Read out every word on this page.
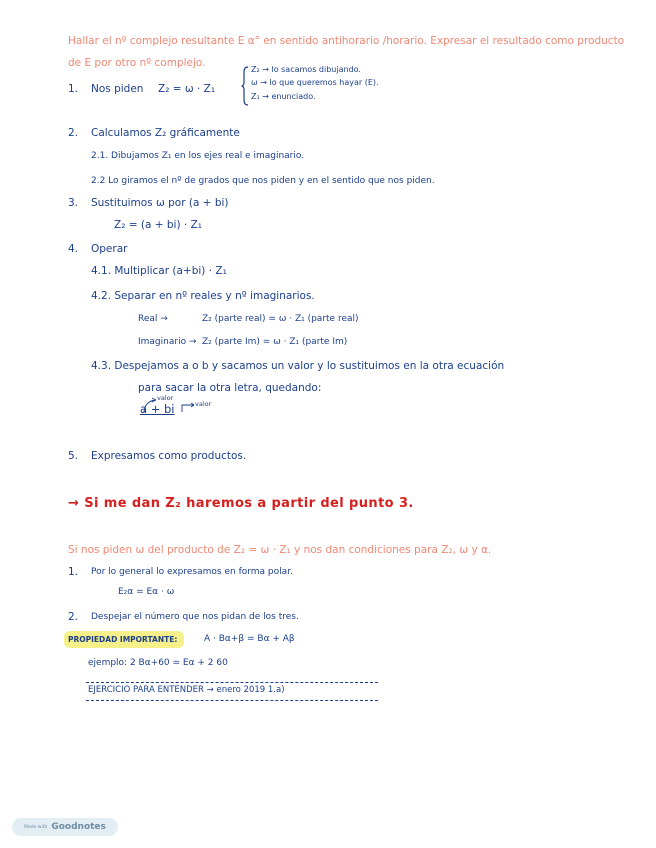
Hallar el nº complejo resultante E α° en sentido antihorario /horario. Expresar el resultado como producto
de E por otro nº complejo.
1. Nos piden Z₂ = ω · Z₁
Z₂ → lo sacamos dibujando.
ω → lo que queremos hayar (E).
Z₁ → enunciado.
2. Calculamos Z₂ gráficamente
2.1. Dibujamos Z₁ en los ejes real e imaginario.
2.2 Lo giramos el nº de grados que nos piden y en el sentido que nos piden.
3. Sustituimos ω por (a + bi)
Z₂ = (a + bi) · Z₁
4. Operar
4.1. Multiplicar (a+bi) · Z₁
4.2. Separar en nº reales y nº imaginarios.
Real →	Z₂ (parte real) = ω · Z₁ (parte real)
Imaginario → Z₂ (parte Im) = ω · Z₁ (parte Im)
4.3. Despejamos a o b y sacamos un valor y lo sustituimos en la otra ecuación
para sacar la otra letra, quedando:
valor
valor
a + bi
5. Expresamos como productos.
→ Si me dan Z₂ haremos a partir del punto 3.
Si nos piden ω del producto de Z₂ = ω · Z₁ y nos dan condiciones para Z₂, ω y α.
1. Por lo general lo expresamos en forma polar.
E₂α = Eα · ω
2. Despejar el número que nos pidan de los tres.
PROPIEDAD IMPORTANTE:	A · Bα+β = Bα + Aβ
ejemplo: 2 Bα+60 = Eα + 2 60
EJERCICIO PARA ENTENDER → enero 2019 1.a)
Made with Goodnotes
